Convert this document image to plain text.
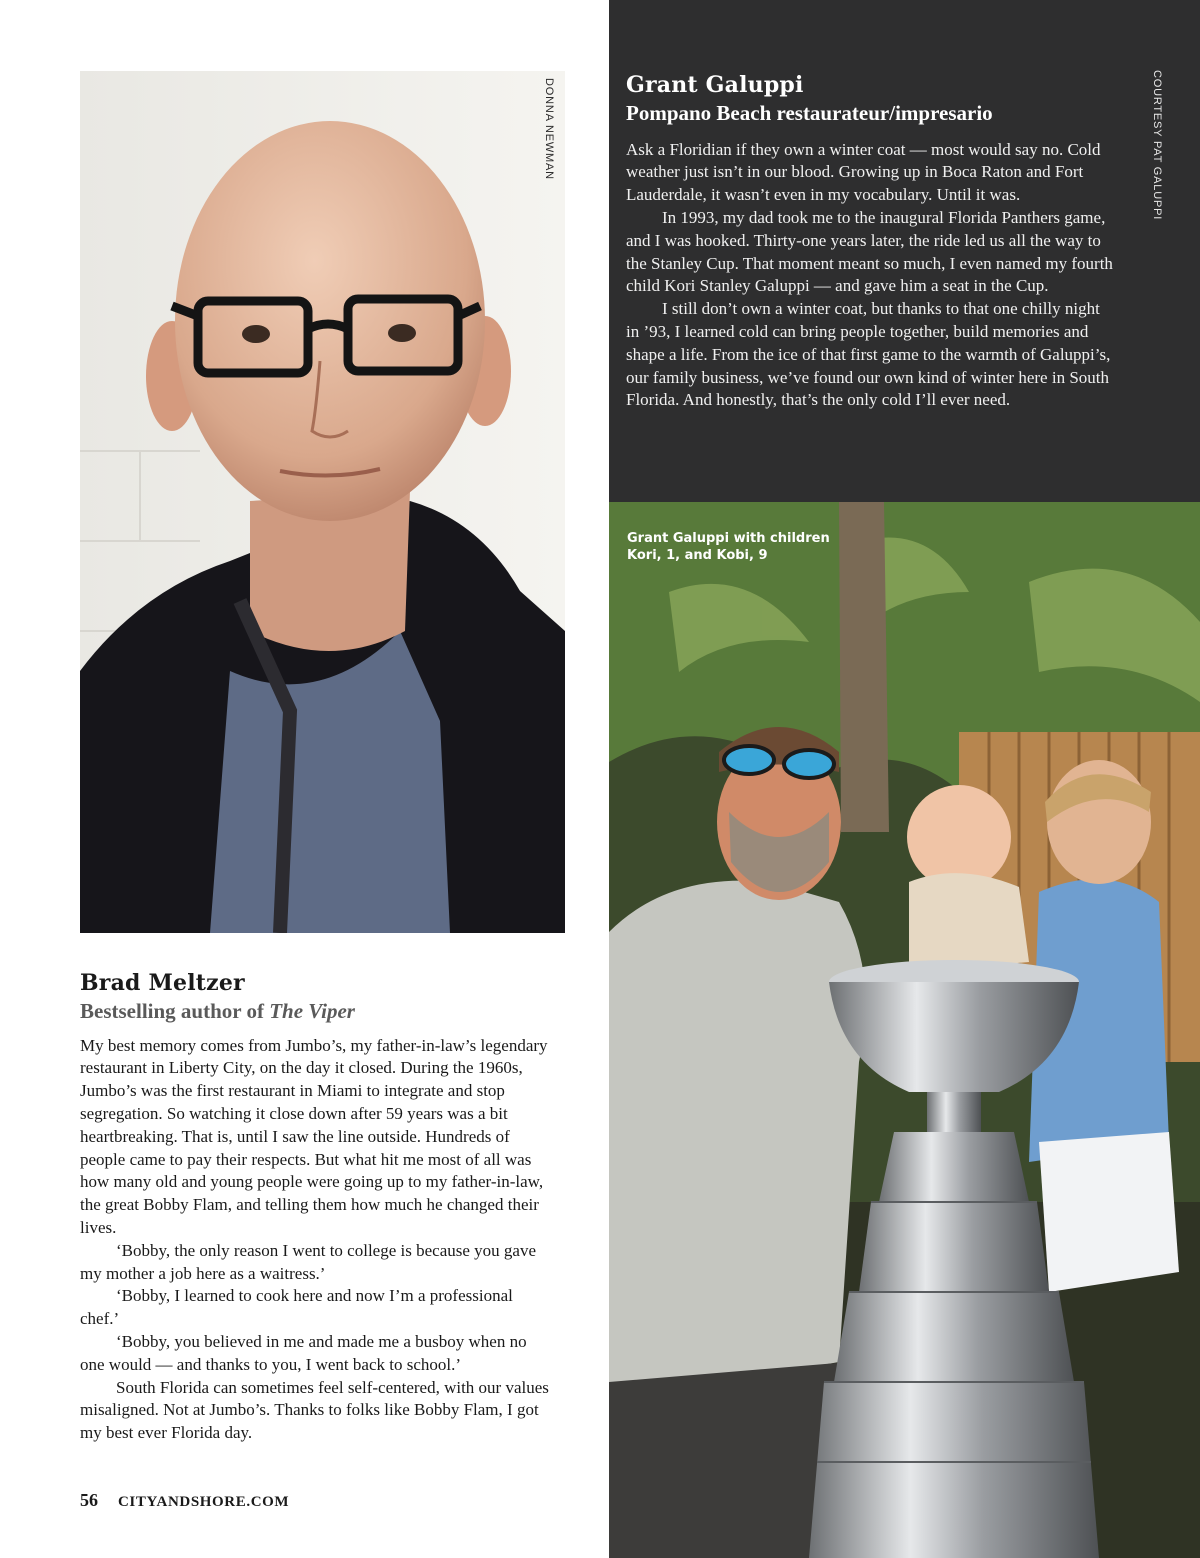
DONNA NEWMAN
Brad Meltzer
Bestselling author of The Viper

My best memory comes from Jumbo’s, my father-in-law’s legendary restaurant in Liberty City, on the day it closed. During the 1960s, Jumbo’s was the first restaurant in Miami to integrate and stop segregation. So watching it close down after 59 years was a bit heartbreaking. That is, until I saw the line outside. Hundreds of people came to pay their respects. But what hit me most of all was how many old and young people were going up to my father-in-law, the great Bobby Flam, and telling them how much he changed their lives.

‘Bobby, the only reason I went to college is because you gave my mother a job here as a waitress.’

‘Bobby, I learned to cook here and now I’m a professional chef.’

‘Bobby, you believed in me and made me a busboy when no one would — and thanks to you, I went back to school.’

South Florida can sometimes feel self-centered, with our values misaligned. Not at Jumbo’s. Thanks to folks like Bobby Flam, I got my best ever Florida day.

56 CITYANDSHORE.COM
Grant Galuppi
Pompano Beach restaurateur/impresario

Ask a Floridian if they own a winter coat — most would say no. Cold weather just isn’t in our blood. Growing up in Boca Raton and Fort Lauderdale, it wasn’t even in my vocabulary. Until it was.

In 1993, my dad took me to the inaugural Florida Panthers game, and I was hooked. Thirty-one years later, the ride led us all the way to the Stanley Cup. That moment meant so much, I even named my fourth child Kori Stanley Galuppi — and gave him a seat in the Cup.

I still don’t own a winter coat, but thanks to that one chilly night in ’93, I learned cold can bring people together, build memories and shape a life. From the ice of that first game to the warmth of Galuppi’s, our family business, we’ve found our own kind of winter here in South Florida. And honestly, that’s the only cold I’ll ever need.

COURTESY PAT GALUPPI
Grant Galuppi with children
Kori, 1, and Kobi, 9
